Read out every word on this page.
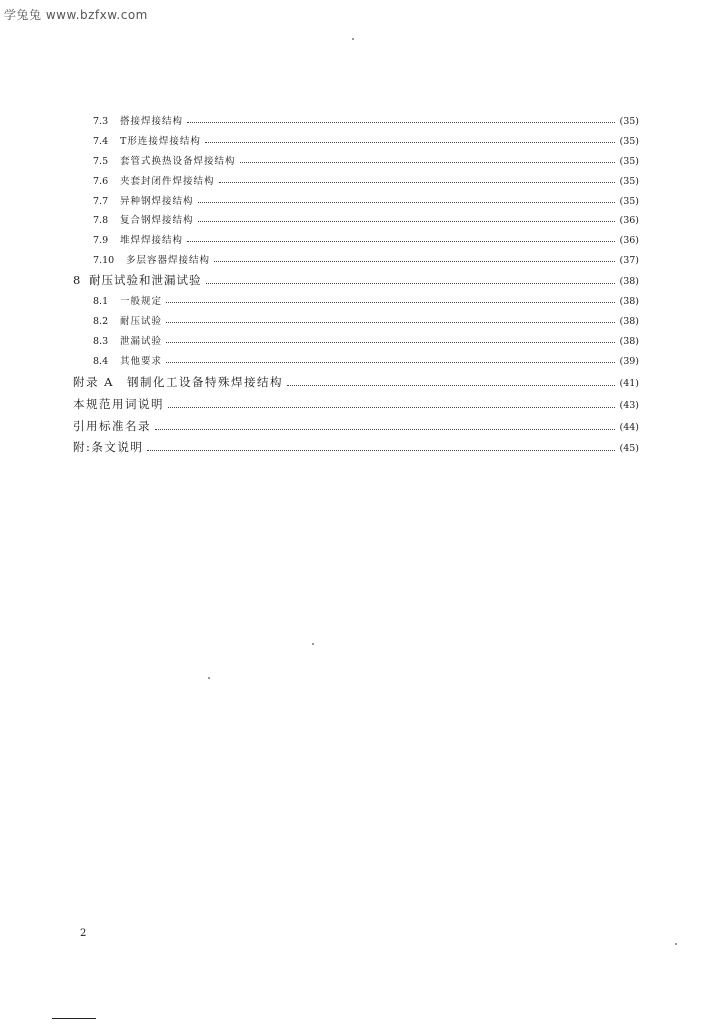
学兔兔 www.bzfxw.com
7.3	搭接焊接结构	(35)
7.4	T形连接焊接结构	(35)
7.5	套管式换热设备焊接结构	(35)
7.6	夹套封闭件焊接结构	(35)
7.7	异种钢焊接结构	(35)
7.8	复合钢焊接结构	(36)
7.9	堆焊焊接结构	(36)
7.10	多层容器焊接结构	(37)
8 耐压试验和泄漏试验	(38)
8.1	一般规定	(38)
8.2	耐压试验	(38)
8.3	泄漏试验	(38)
8.4	其他要求	(39)
附录 A　钢制化工设备特殊焊接结构	(41)
本规范用词说明	(43)
引用标准名录	(44)
附:条文说明	(45)
2
